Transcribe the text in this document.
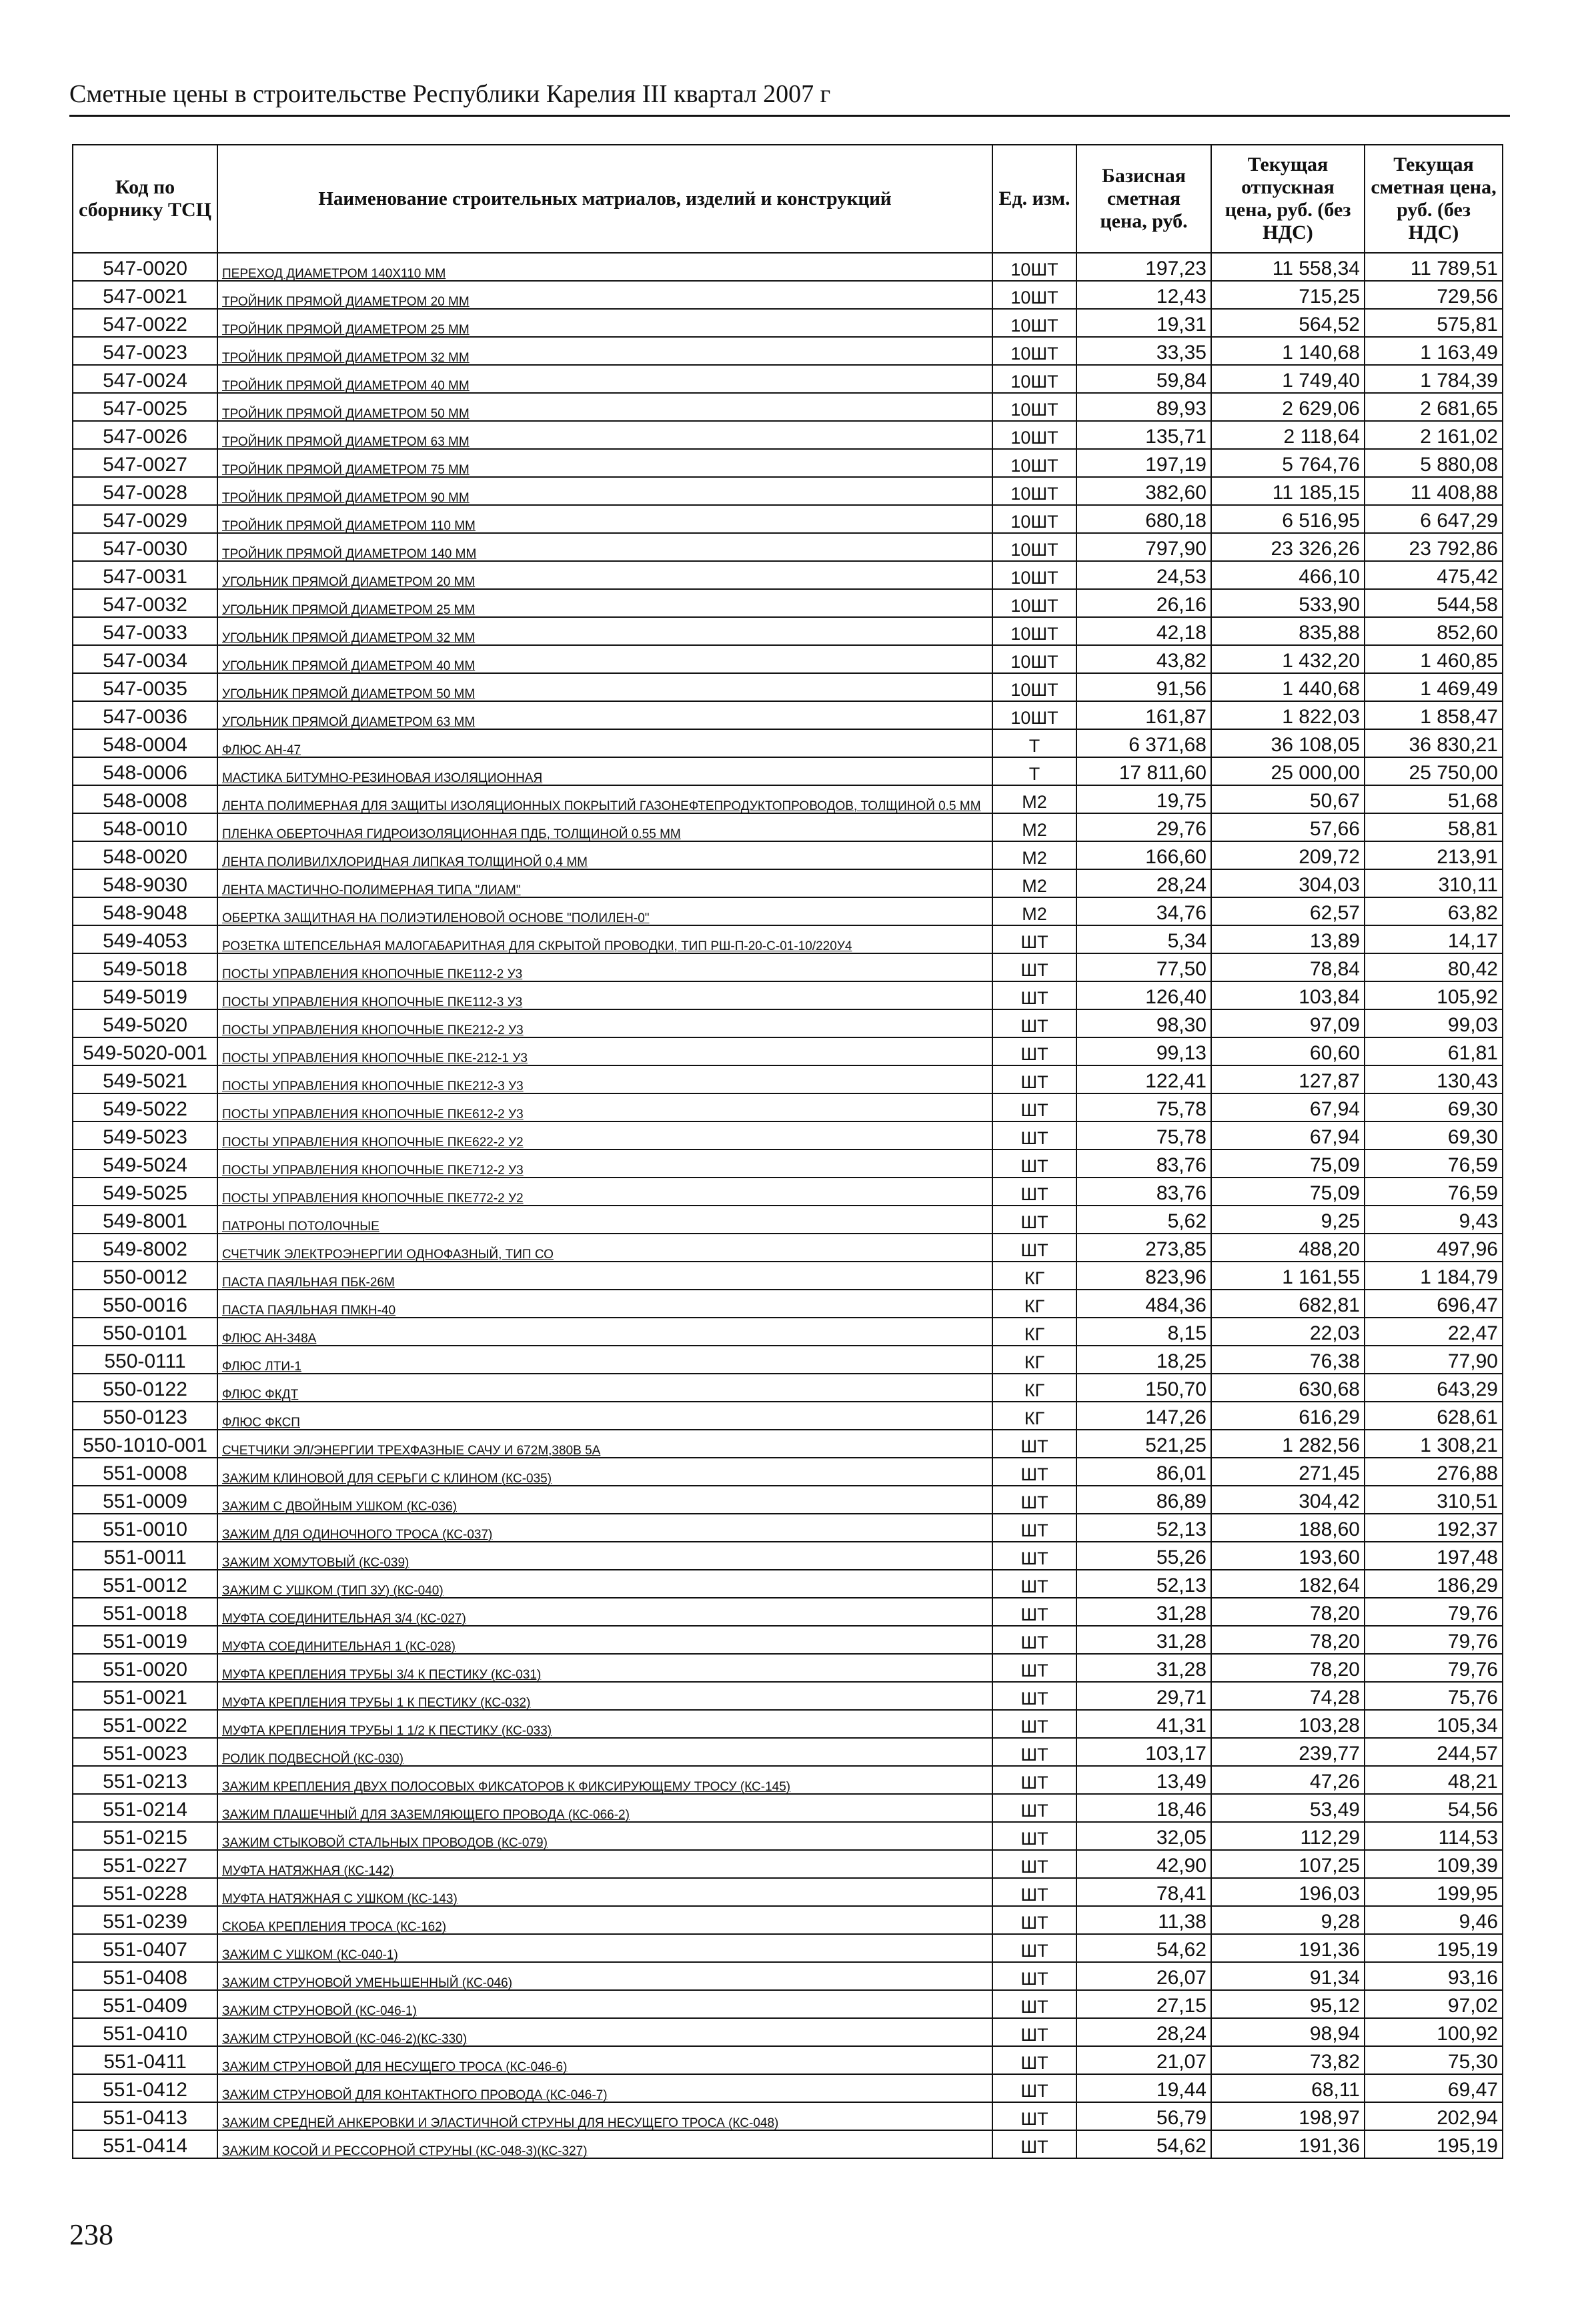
Сметные цены в строительстве Республики Карелия III квартал 2007 г
Код по сборнику ТСЦ	Наименование строительных матриалов, изделий и конструкций	Ед. изм.	Базисная сметная цена, руб.	Текущая отпускная цена, руб. (без НДС)	Текущая сметная цена, руб. (без НДС)
547-0020	ПЕРЕХОД ДИАМЕТРОМ 140Х110 ММ	10ШТ	197,23	11 558,34	11 789,51
547-0021	ТРОЙНИК ПРЯМОЙ ДИАМЕТРОМ 20 ММ	10ШТ	12,43	715,25	729,56
547-0022	ТРОЙНИК ПРЯМОЙ ДИАМЕТРОМ 25 ММ	10ШТ	19,31	564,52	575,81
547-0023	ТРОЙНИК ПРЯМОЙ ДИАМЕТРОМ 32 ММ	10ШТ	33,35	1 140,68	1 163,49
547-0024	ТРОЙНИК ПРЯМОЙ ДИАМЕТРОМ 40 ММ	10ШТ	59,84	1 749,40	1 784,39
547-0025	ТРОЙНИК ПРЯМОЙ ДИАМЕТРОМ 50 ММ	10ШТ	89,93	2 629,06	2 681,65
547-0026	ТРОЙНИК ПРЯМОЙ ДИАМЕТРОМ 63 ММ	10ШТ	135,71	2 118,64	2 161,02
547-0027	ТРОЙНИК ПРЯМОЙ ДИАМЕТРОМ 75 ММ	10ШТ	197,19	5 764,76	5 880,08
547-0028	ТРОЙНИК ПРЯМОЙ ДИАМЕТРОМ 90 ММ	10ШТ	382,60	11 185,15	11 408,88
547-0029	ТРОЙНИК ПРЯМОЙ ДИАМЕТРОМ 110 ММ	10ШТ	680,18	6 516,95	6 647,29
547-0030	ТРОЙНИК ПРЯМОЙ ДИАМЕТРОМ 140 ММ	10ШТ	797,90	23 326,26	23 792,86
547-0031	УГОЛЬНИК ПРЯМОЙ ДИАМЕТРОМ 20 ММ	10ШТ	24,53	466,10	475,42
547-0032	УГОЛЬНИК ПРЯМОЙ ДИАМЕТРОМ 25 ММ	10ШТ	26,16	533,90	544,58
547-0033	УГОЛЬНИК ПРЯМОЙ ДИАМЕТРОМ 32 ММ	10ШТ	42,18	835,88	852,60
547-0034	УГОЛЬНИК ПРЯМОЙ ДИАМЕТРОМ 40 ММ	10ШТ	43,82	1 432,20	1 460,85
547-0035	УГОЛЬНИК ПРЯМОЙ ДИАМЕТРОМ 50 ММ	10ШТ	91,56	1 440,68	1 469,49
547-0036	УГОЛЬНИК ПРЯМОЙ ДИАМЕТРОМ 63 ММ	10ШТ	161,87	1 822,03	1 858,47
548-0004	ФЛЮС АН-47	Т	6 371,68	36 108,05	36 830,21
548-0006	МАСТИКА БИТУМНО-РЕЗИНОВАЯ ИЗОЛЯЦИОННАЯ	Т	17 811,60	25 000,00	25 750,00
548-0008	ЛЕНТА ПОЛИМЕРНАЯ ДЛЯ ЗАЩИТЫ ИЗОЛЯЦИОННЫХ ПОКРЫТИЙ ГАЗОНЕФТЕПРОДУКТОПРОВОДОВ, ТОЛЩИНОЙ 0.5 ММ	М2	19,75	50,67	51,68
548-0010	ПЛЕНКА ОБЕРТОЧНАЯ ГИДРОИЗОЛЯЦИОННАЯ ПДБ, ТОЛЩИНОЙ 0.55 ММ	М2	29,76	57,66	58,81
548-0020	ЛЕНТА ПОЛИВИЛХЛОРИДНАЯ ЛИПКАЯ ТОЛЩИНОЙ 0,4 ММ	М2	166,60	209,72	213,91
548-9030	ЛЕНТА МАСТИЧНО-ПОЛИМЕРНАЯ ТИПА "ЛИАМ"	М2	28,24	304,03	310,11
548-9048	ОБЕРТКА ЗАЩИТНАЯ НА ПОЛИЭТИЛЕНОВОЙ ОСНОВЕ "ПОЛИЛЕН-0"	М2	34,76	62,57	63,82
549-4053	РОЗЕТКА ШТЕПСЕЛЬНАЯ МАЛОГАБАРИТНАЯ ДЛЯ СКРЫТОЙ ПРОВОДКИ, ТИП РШ-П-20-С-01-10/220У4	ШТ	5,34	13,89	14,17
549-5018	ПОСТЫ УПРАВЛЕНИЯ КНОПОЧНЫЕ ПКЕ112-2 У3	ШТ	77,50	78,84	80,42
549-5019	ПОСТЫ УПРАВЛЕНИЯ КНОПОЧНЫЕ ПКЕ112-3 У3	ШТ	126,40	103,84	105,92
549-5020	ПОСТЫ УПРАВЛЕНИЯ КНОПОЧНЫЕ ПКЕ212-2 У3	ШТ	98,30	97,09	99,03
549-5020-001	ПОСТЫ УПРАВЛЕНИЯ КНОПОЧНЫЕ ПКЕ-212-1 У3	ШТ	99,13	60,60	61,81
549-5021	ПОСТЫ УПРАВЛЕНИЯ КНОПОЧНЫЕ ПКЕ212-3 У3	ШТ	122,41	127,87	130,43
549-5022	ПОСТЫ УПРАВЛЕНИЯ КНОПОЧНЫЕ ПКЕ612-2 У3	ШТ	75,78	67,94	69,30
549-5023	ПОСТЫ УПРАВЛЕНИЯ КНОПОЧНЫЕ ПКЕ622-2 У2	ШТ	75,78	67,94	69,30
549-5024	ПОСТЫ УПРАВЛЕНИЯ КНОПОЧНЫЕ ПКЕ712-2 У3	ШТ	83,76	75,09	76,59
549-5025	ПОСТЫ УПРАВЛЕНИЯ КНОПОЧНЫЕ ПКЕ772-2 У2	ШТ	83,76	75,09	76,59
549-8001	ПАТРОНЫ ПОТОЛОЧНЫЕ	ШТ	5,62	9,25	9,43
549-8002	СЧЕТЧИК ЭЛЕКТРОЭНЕРГИИ ОДНОФАЗНЫЙ, ТИП СО	ШТ	273,85	488,20	497,96
550-0012	ПАСТА ПАЯЛЬНАЯ ПБК-26М	КГ	823,96	1 161,55	1 184,79
550-0016	ПАСТА ПАЯЛЬНАЯ ПМКН-40	КГ	484,36	682,81	696,47
550-0101	ФЛЮС АН-348А	КГ	8,15	22,03	22,47
550-0111	ФЛЮС ЛТИ-1	КГ	18,25	76,38	77,90
550-0122	ФЛЮС ФКДТ	КГ	150,70	630,68	643,29
550-0123	ФЛЮС ФКСП	КГ	147,26	616,29	628,61
550-1010-001	СЧЕТЧИКИ ЭЛ/ЭНЕРГИИ ТРЕХФАЗНЫЕ САЧУ И 672М,380В 5А	ШТ	521,25	1 282,56	1 308,21
551-0008	ЗАЖИМ КЛИНОВОЙ ДЛЯ СЕРЬГИ С КЛИНОМ (КС-035)	ШТ	86,01	271,45	276,88
551-0009	ЗАЖИМ С ДВОЙНЫМ УШКОМ (КС-036)	ШТ	86,89	304,42	310,51
551-0010	ЗАЖИМ ДЛЯ ОДИНОЧНОГО ТРОСА (КС-037)	ШТ	52,13	188,60	192,37
551-0011	ЗАЖИМ ХОМУТОВЫЙ (КС-039)	ШТ	55,26	193,60	197,48
551-0012	ЗАЖИМ С УШКОМ (ТИП 3У) (КС-040)	ШТ	52,13	182,64	186,29
551-0018	МУФТА СОЕДИНИТЕЛЬНАЯ 3/4 (КС-027)	ШТ	31,28	78,20	79,76
551-0019	МУФТА СОЕДИНИТЕЛЬНАЯ 1 (КС-028)	ШТ	31,28	78,20	79,76
551-0020	МУФТА КРЕПЛЕНИЯ ТРУБЫ 3/4 К ПЕСТИКУ (КС-031)	ШТ	31,28	78,20	79,76
551-0021	МУФТА КРЕПЛЕНИЯ ТРУБЫ 1 К ПЕСТИКУ (КС-032)	ШТ	29,71	74,28	75,76
551-0022	МУФТА КРЕПЛЕНИЯ ТРУБЫ 1 1/2 К ПЕСТИКУ (КС-033)	ШТ	41,31	103,28	105,34
551-0023	РОЛИК ПОДВЕСНОЙ (КС-030)	ШТ	103,17	239,77	244,57
551-0213	ЗАЖИМ КРЕПЛЕНИЯ ДВУХ ПОЛОСОВЫХ ФИКСАТОРОВ К ФИКСИРУЮЩЕМУ ТРОСУ (КС-145)	ШТ	13,49	47,26	48,21
551-0214	ЗАЖИМ ПЛАШЕЧНЫЙ ДЛЯ ЗАЗЕМЛЯЮЩЕГО ПРОВОДА (КС-066-2)	ШТ	18,46	53,49	54,56
551-0215	ЗАЖИМ СТЫКОВОЙ СТАЛЬНЫХ ПРОВОДОВ (КС-079)	ШТ	32,05	112,29	114,53
551-0227	МУФТА НАТЯЖНАЯ (КС-142)	ШТ	42,90	107,25	109,39
551-0228	МУФТА НАТЯЖНАЯ С УШКОМ (КС-143)	ШТ	78,41	196,03	199,95
551-0239	СКОБА КРЕПЛЕНИЯ ТРОСА (КС-162)	ШТ	11,38	9,28	9,46
551-0407	ЗАЖИМ С УШКОМ (КС-040-1)	ШТ	54,62	191,36	195,19
551-0408	ЗАЖИМ СТРУНОВОЙ УМЕНЬШЕННЫЙ (КС-046)	ШТ	26,07	91,34	93,16
551-0409	ЗАЖИМ СТРУНОВОЙ (КС-046-1)	ШТ	27,15	95,12	97,02
551-0410	ЗАЖИМ СТРУНОВОЙ (КС-046-2)(КС-330)	ШТ	28,24	98,94	100,92
551-0411	ЗАЖИМ СТРУНОВОЙ ДЛЯ НЕСУЩЕГО ТРОСА (КС-046-6)	ШТ	21,07	73,82	75,30
551-0412	ЗАЖИМ СТРУНОВОЙ ДЛЯ КОНТАКТНОГО ПРОВОДА (КС-046-7)	ШТ	19,44	68,11	69,47
551-0413	ЗАЖИМ СРЕДНЕЙ АНКЕРОВКИ И ЭЛАСТИЧНОЙ СТРУНЫ ДЛЯ НЕСУЩЕГО ТРОСА (КС-048)	ШТ	56,79	198,97	202,94
551-0414	ЗАЖИМ КОСОЙ И РЕССОРНОЙ СТРУНЫ (КС-048-3)(КС-327)	ШТ	54,62	191,36	195,19
238
